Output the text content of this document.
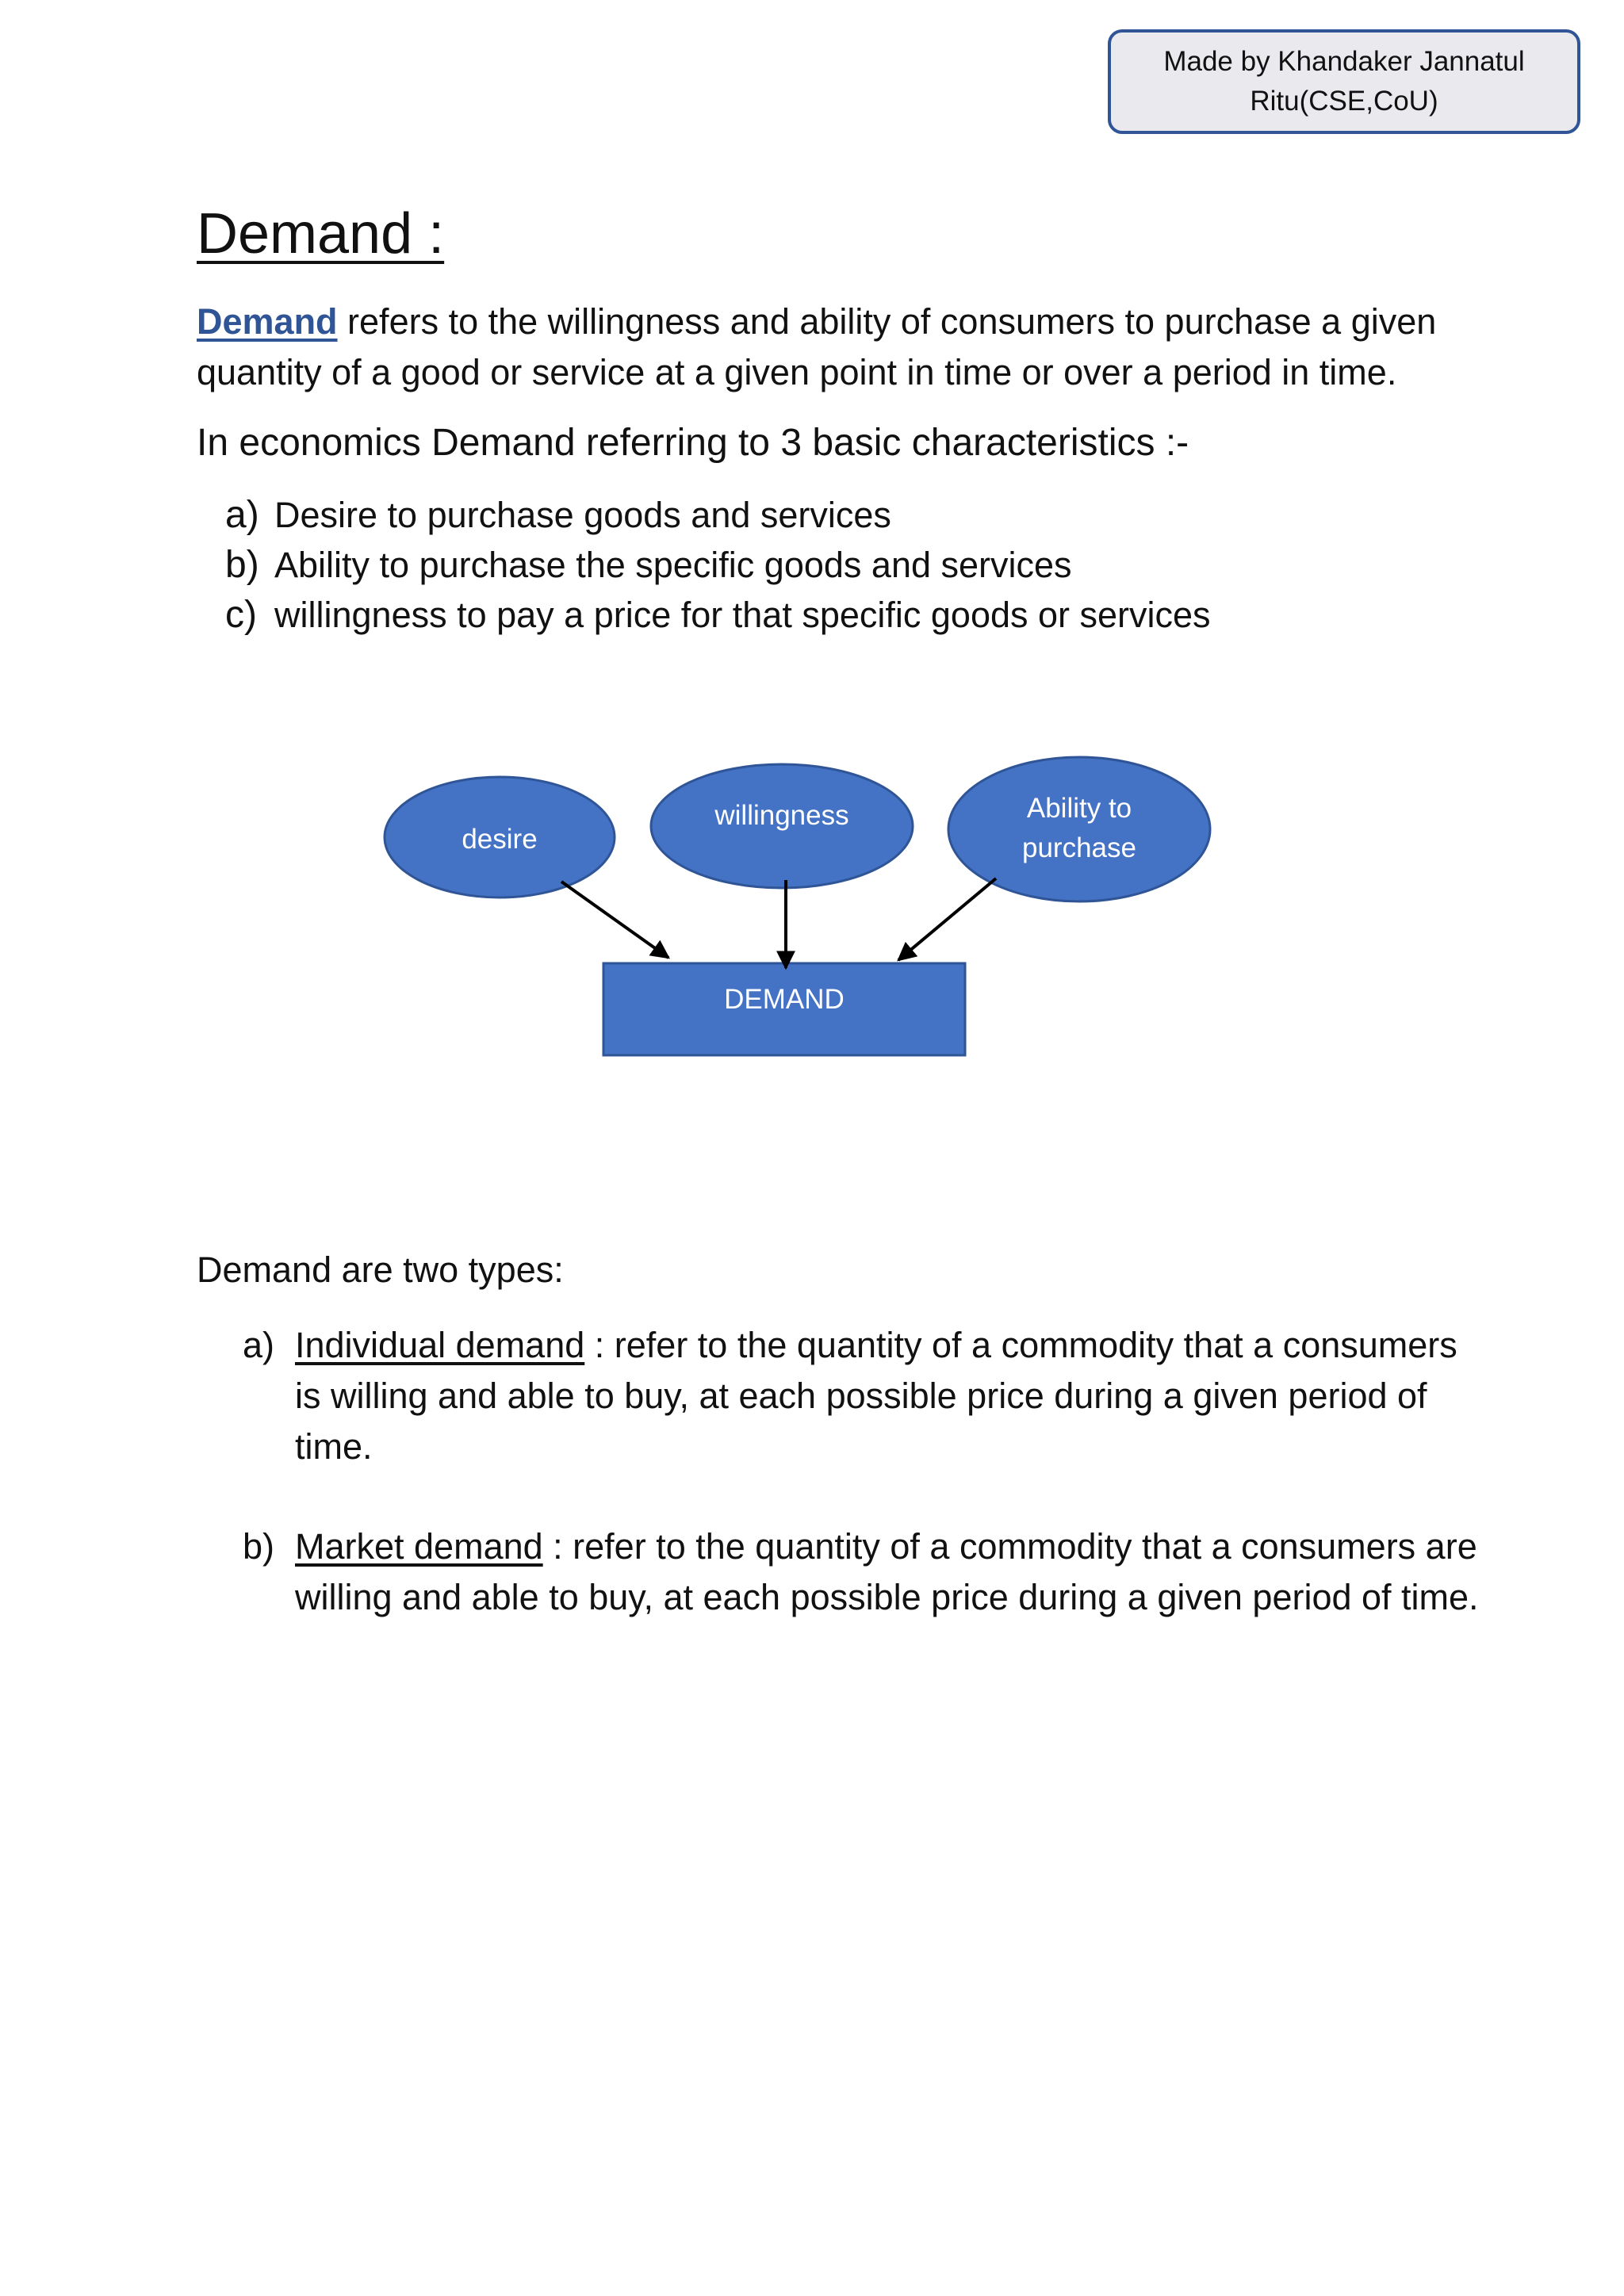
Made by Khandaker Jannatul
Ritu(CSE,CoU)
Demand :

Demand refers to the willingness and ability of consumers to purchase a given quantity of a good or service at a given point in time or over a period in time.

In economics Demand referring to 3 basic characteristics :-

a) Desire to purchase goods and services
b) Ability to purchase the specific goods and services
c) willingness to pay a price for that specific goods or services
desire
willingness	Ability to
purchase
DEMAND

Demand are two types:

a) Individual demand : refer to the quantity of a commodity that a consumers is willing and able to buy, at each possible price during a given period of time.
b) Market demand : refer to the quantity of a commodity that a consumers are willing and able to buy, at each possible price during a given period of time.
